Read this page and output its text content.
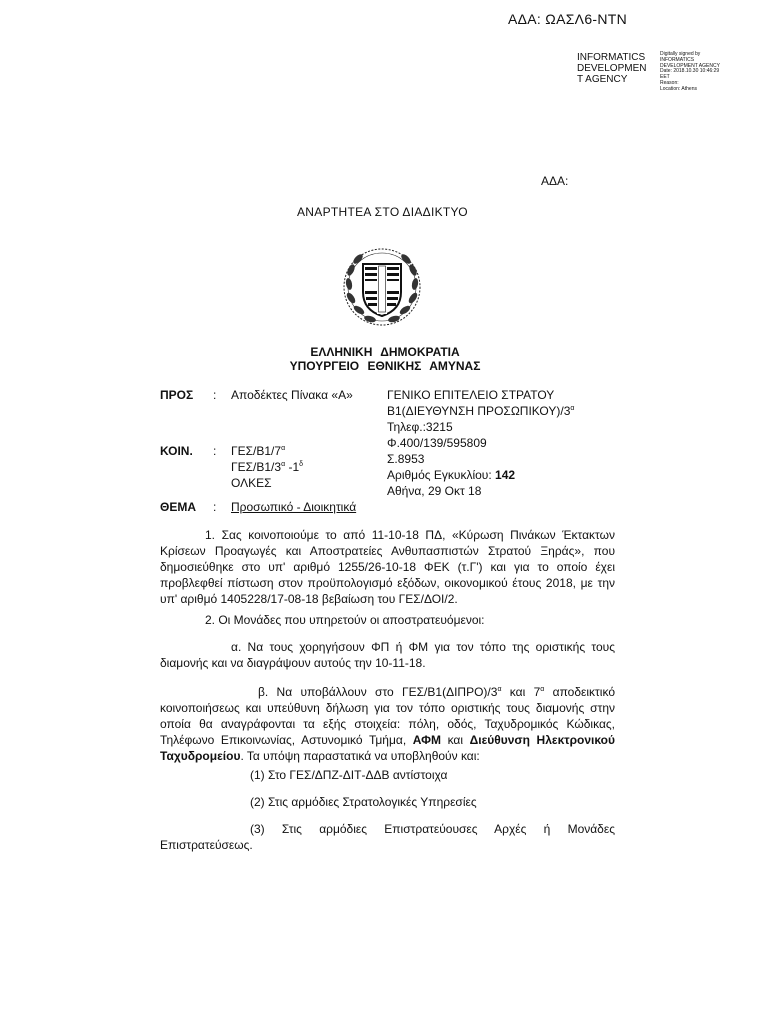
ΑΔΑ: ΩΑΣΛ6-ΝΤΝ
INFORMATICS
DEVELOPMEN
T AGENCY
Digitally signed by
INFORMATICS
DEVELOPMENT AGENCY
Date: 2018.10.30 10:46:29
EET
Reason:
Location: Athens
ΑΔΑ:
ΑΝΑΡΤΗΤΕΑ ΣΤΟ ΔΙΑΔΙΚΤΥΟ
ΕΛΛΗΝΙΚΗ ΔΗΜΟΚΡΑΤΙΑ
ΥΠΟΥΡΓΕΙΟ ΕΘΝΙΚΗΣ ΑΜΥΝΑΣ
ΠΡΟΣ : Αποδέκτες Πίνακα «Α»	ΓΕΝΙΚΟ ΕΠΙΤΕΛΕΙΟ ΣΤΡΑΤΟΥ
Β1(ΔΙΕΥΘΥΝΣΗ $\Pi PO\Sigma\Omega\Pi IKO\Upsilon)/3^\alpha$
Τηλεφ.:3215
Φ.400/139/595809
Σ.8953
Αριθμός Εγκυκλίου: 142
Αθήνα, 29 Οκτ 18
ΚΟΙΝ. : ΓΕΣ/$B1/7^\alpha$
ΓΕΣ/$B1/3^\alpha$ $-1^\delta$
ΟΛΚΕΣ
ΘΕΜΑ : Προσωπικό - Διοικητικά
1. Σας κοινοποιούμε το από 11-10-18 ΠΔ, «Κύρωση Πινάκων Έκτακτων Κρίσεων Προαγωγές και Αποστρατείες Ανθυπασπιστών Στρατού Ξηράς», που δημοσιεύθηκε στο υπ' αριθμό 1255/26-10-18 ΦΕΚ (τ.Γ') και για το οποίο έχει προβλεφθεί πίστωση στον προϋπολογισμό εξόδων, οικονομικού έτους 2018, με την υπ' αριθμό 1405228/17-08-18 βεβαίωση του ΓΕΣ/ΔΟΙ/2.
2. Οι Μονάδες που υπηρετούν οι αποστρατευόμενοι:
α. Να τους χορηγήσουν ΦΠ ή ΦΜ για τον τόπο της οριστικής τους διαμονής και να διαγράψουν αυτούς την 10-11-18.
β. Να υποβάλλουν στο ΓΕΣ/$B1(\Delta I\Pi PO)/3^\alpha$ και $7^\alpha$ αποδεικτικό κοινοποιήσεως και υπεύθυνη δήλωση για τον τόπο οριστικής τους διαμονής στην οποία θα αναγράφονται τα εξής στοιχεία: πόλη, οδός, Ταχυδρομικός Κώδικας, Τηλέφωνο Επικοινωνίας, Αστυνομικό Τμήμα, ΑΦΜ και Διεύθυνση Ηλεκτρονικού Ταχυδρομείου. Τα υπόψη παραστατικά να υποβληθούν και:
(1) Στο ΓΕΣ/ΔΠΖ-ΔΙΤ-ΔΔΒ αντίστοιχα
(2) Στις αρμόδιες Στρατολογικές Υπηρεσίες
(3) Στις αρμόδιες Επιστρατεύουσες Αρχές ή Μονάδες Επιστρατεύσεως.
